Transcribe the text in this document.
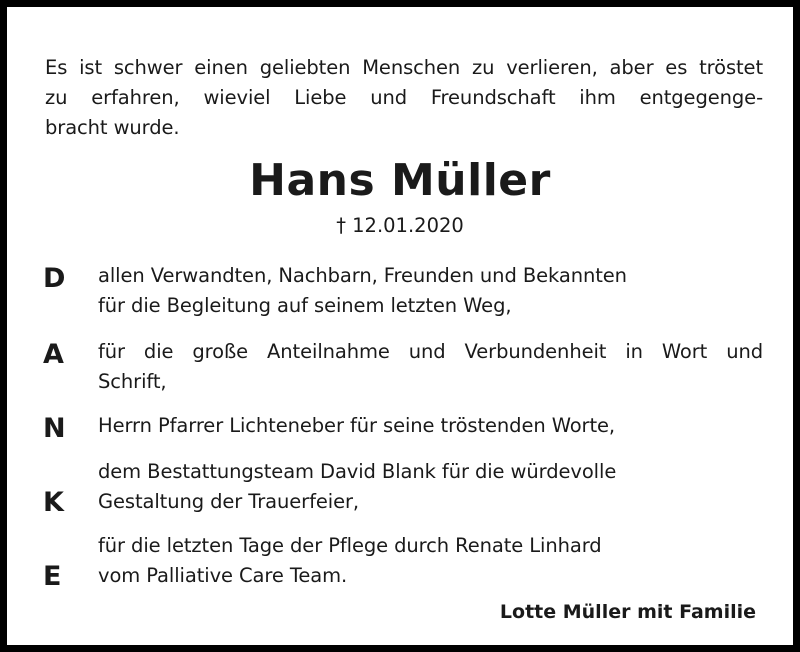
Es ist schwer einen geliebten Menschen zu verlieren, aber es tröstet
zu erfahren, wieviel Liebe und Freundschaft ihm entgegenge-
bracht wurde.
Hans Müller
† 12.01.2020
D allen Verwandten, Nachbarn, Freunden und Bekannten
für die Begleitung auf seinem letzten Weg,
A für die große Anteilnahme und Verbundenheit in Wort und
Schrift,
N Herrn Pfarrer Lichteneber für seine tröstenden Worte,
K
dem Bestattungsteam David Blank für die würdevolle
Gestaltung der Trauerfeier,
E
für die letzten Tage der Pflege durch Renate Linhard
vom Palliative Care Team.
Lotte Müller mit Familie
